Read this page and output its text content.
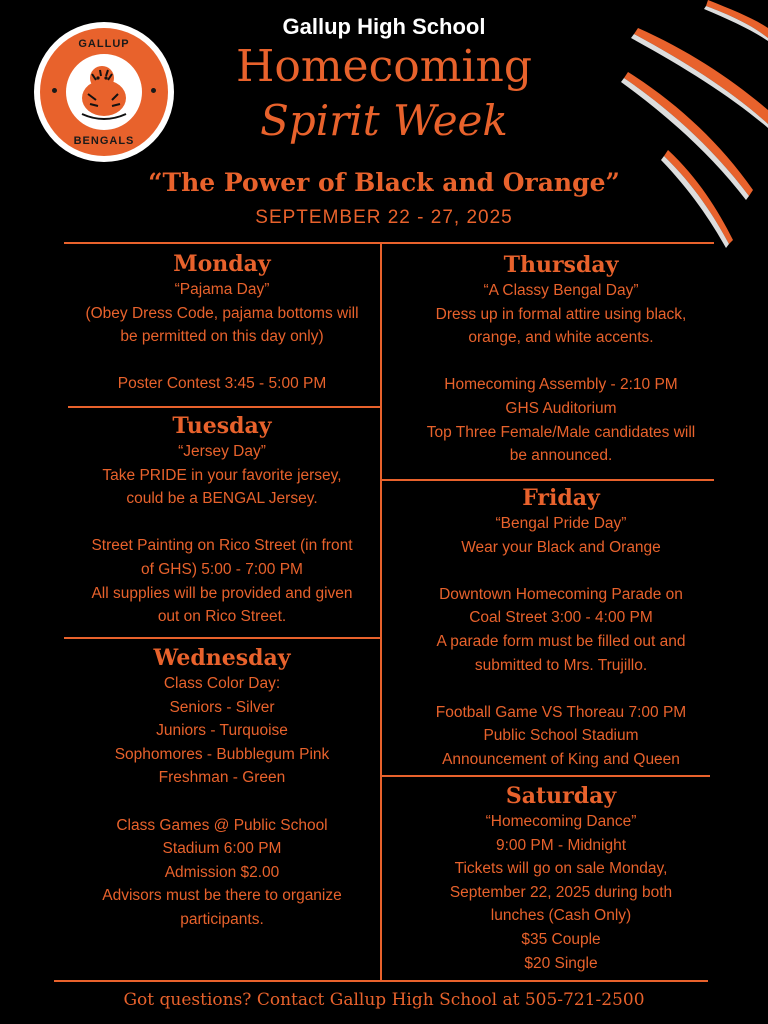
GALLUP
BENGALS
Gallup High School
Homecoming
Spirit Week
“The Power of Black and Orange”
SEPTEMBER 22 - 27, 2025
Monday
“Pajama Day”
(Obey Dress Code, pajama bottoms will
be permitted on this day only)

Poster Contest 3:45 - 5:00 PM
Tuesday
“Jersey Day”
Take PRIDE in your favorite jersey,
could be a BENGAL Jersey.

Street Painting on Rico Street (in front
of GHS) 5:00 - 7:00 PM
All supplies will be provided and given
out on Rico Street.
Wednesday
Class Color Day:
Seniors - Silver
Juniors - Turquoise
Sophomores - Bubblegum Pink
Freshman - Green

Class Games @ Public School
Stadium 6:00 PM
Admission $2.00
Advisors must be there to organize
participants.
Thursday
“A Classy Bengal Day”
Dress up in formal attire using black,
orange, and white accents.

Homecoming Assembly - 2:10 PM
GHS Auditorium
Top Three Female/Male candidates will
be announced.
Friday
“Bengal Pride Day”
Wear your Black and Orange

Downtown Homecoming Parade on
Coal Street 3:00 - 4:00 PM
A parade form must be filled out and
submitted to Mrs. Trujillo.

Football Game VS Thoreau 7:00 PM
Public School Stadium
Announcement of King and Queen
Saturday
“Homecoming Dance”
9:00 PM - Midnight
Tickets will go on sale Monday,
September 22, 2025 during both
lunches (Cash Only)
$35 Couple
$20 Single
Got questions? Contact Gallup High School at 505-721-2500
